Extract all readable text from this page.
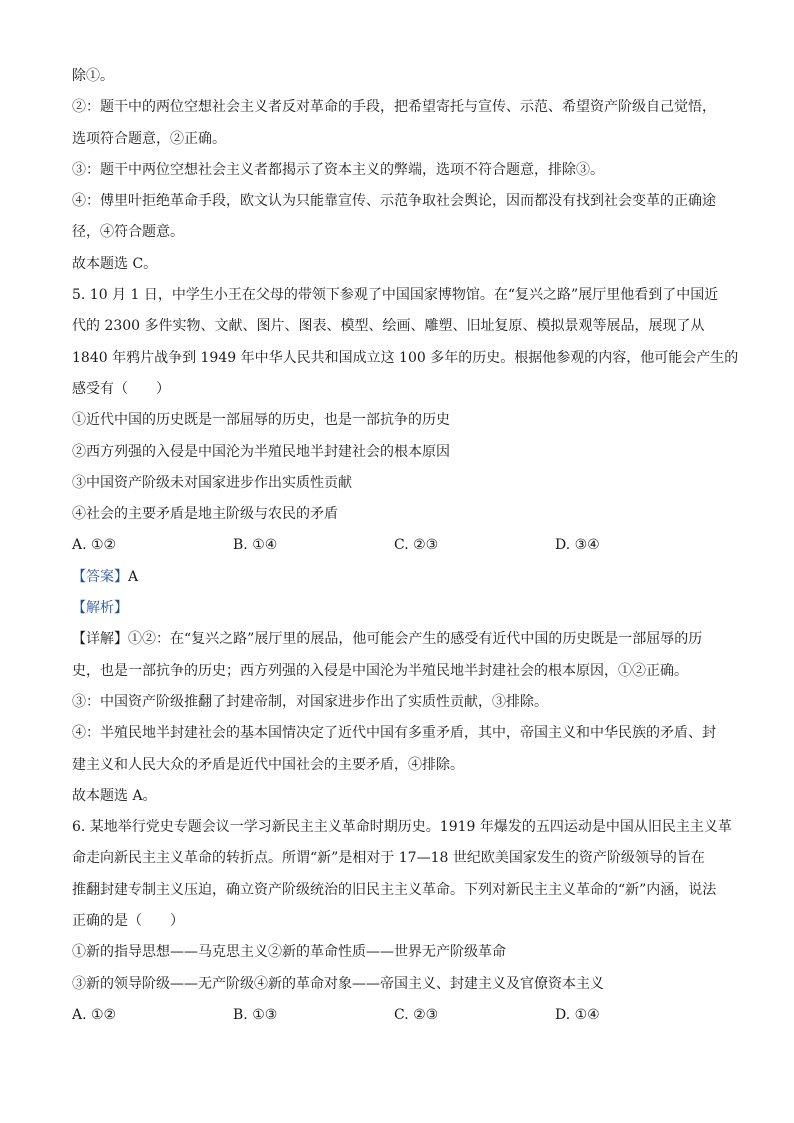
除①。
②：题干中的两位空想社会主义者反对革命的手段，把希望寄托与宣传、示范、希望资产阶级自己觉悟，
选项符合题意，②正确。
③：题干中两位空想社会主义者都揭示了资本主义的弊端，选项不符合题意，排除③。
④：傅里叶拒绝革命手段，欧文认为只能靠宣传、示范争取社会舆论，因而都没有找到社会变革的正确途
径，④符合题意。
故本题选 C。
5. 10 月 1 日，中学生小王在父母的带领下参观了中国国家博物馆。在“复兴之路”展厅里他看到了中国近
代的 2300 多件实物、文献、图片、图表、模型、绘画、雕塑、旧址复原、模拟景观等展品，展现了从
1840 年鸦片战争到 1949 年中华人民共和国成立这 100 多年的历史。根据他参观的内容，他可能会产生的
感受有（　　）
①近代中国的历史既是一部屈辱的历史，也是一部抗争的历史
②西方列强的入侵是中国沦为半殖民地半封建社会的根本原因
③中国资产阶级未对国家进步作出实质性贡献
④社会的主要矛盾是地主阶级与农民的矛盾
A. ①②	B. ①④	C. ②③	D. ③④
【答案】A
【解析】
【详解】①②：在“复兴之路”展厅里的展品，他可能会产生的感受有近代中国的历史既是一部屈辱的历
史，也是一部抗争的历史；西方列强的入侵是中国沦为半殖民地半封建社会的根本原因，①②正确。
③：中国资产阶级推翻了封建帝制，对国家进步作出了实质性贡献，③排除。
④：半殖民地半封建社会的基本国情决定了近代中国有多重矛盾，其中，帝国主义和中华民族的矛盾、封
建主义和人民大众的矛盾是近代中国社会的主要矛盾，④排除。
故本题选 A。
6. 某地举行党史专题会议一学习新民主主义革命时期历史。1919 年爆发的五四运动是中国从旧民主主义革
命走向新民主主义革命的转折点。所谓“新”是相对于 17—18 世纪欧美国家发生的资产阶级领导的旨在
推翻封建专制主义压迫，确立资产阶级统治的旧民主主义革命。下列对新民主主义革命的“新”内涵，说法
正确的是（　　）
①新的指导思想——马克思主义②新的革命性质——世界无产阶级革命
③新的领导阶级——无产阶级④新的革命对象——帝国主义、封建主义及官僚资本主义
A. ①②	B. ①③	C. ②③	D. ①④
